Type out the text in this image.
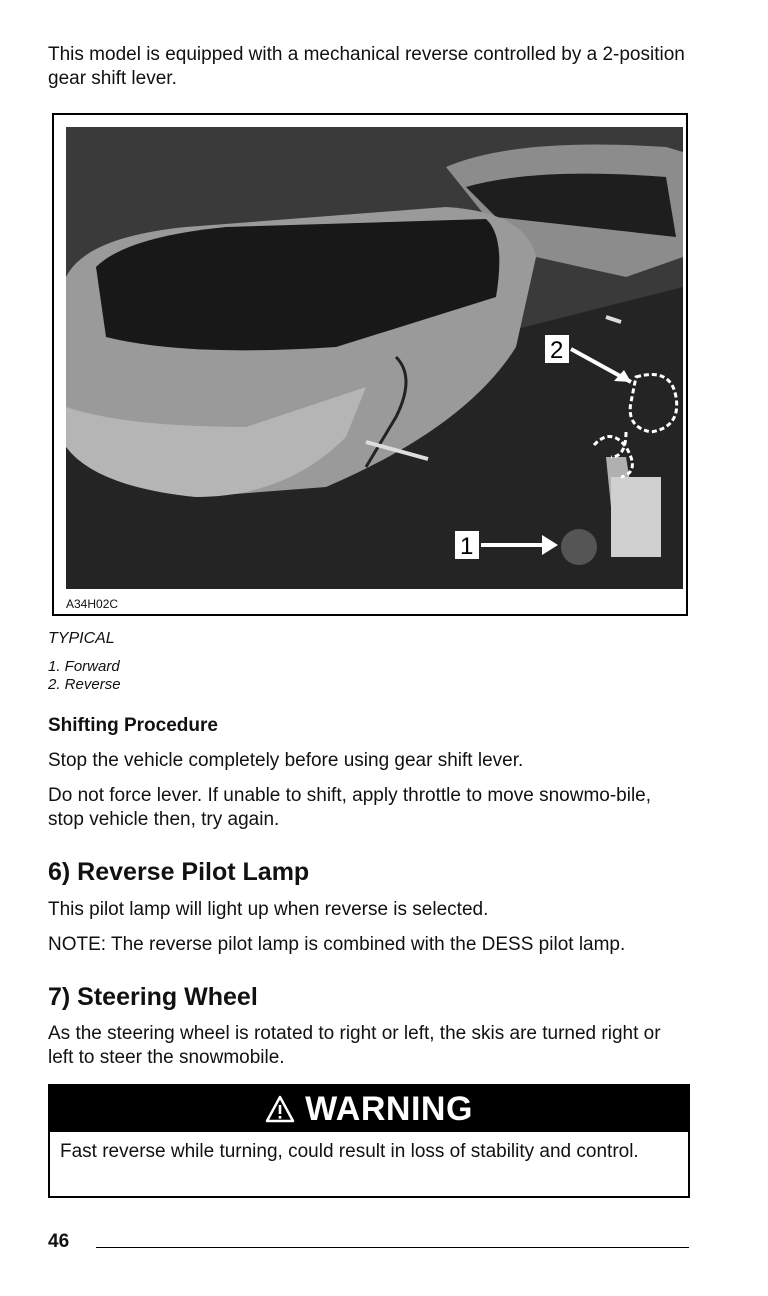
This model is equipped with a mechanical reverse controlled by a 2-position gear shift lever.

2
1
A34H02C
TYPICAL
1. Forward
2. Reverse
Shifting Procedure

Stop the vehicle completely before using gear shift lever.

Do not force lever. If unable to shift, apply throttle to move snowmo-bile, stop vehicle then, try again.

6) Reverse Pilot Lamp

This pilot lamp will light up when reverse is selected.

NOTE: The reverse pilot lamp is combined with the DESS pilot lamp.

7) Steering Wheel

As the steering wheel is rotated to right or left, the skis are turned right or left to steer the snowmobile.

WARNING
Fast reverse while turning, could result in loss of stability and control.
46
